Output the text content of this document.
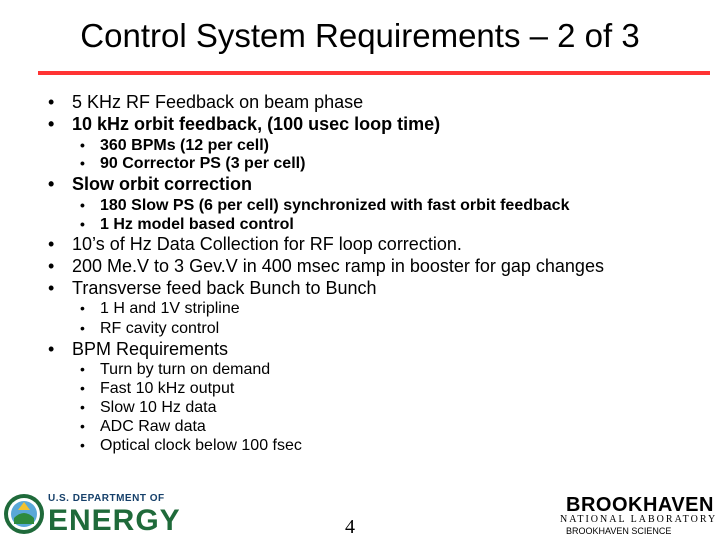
Control System Requirements – 2 of 3
• 5 KHz RF Feedback on beam phase
• 10 kHz orbit feedback, (100 usec loop time)
• 360 BPMs (12 per cell)
• 90 Corrector PS (3 per cell)
• Slow orbit correction
• 180 Slow PS (6 per cell) synchronized with fast orbit feedback
• 1 Hz model based control
• 10’s of Hz Data Collection for RF loop correction.
• 200 Me.V to 3 Gev.V in 400 msec ramp in booster for gap changes
• Transverse feed back Bunch to Bunch
• 1 H and 1V stripline
• RF cavity control
• BPM Requirements
• Turn by turn on demand
• Fast 10 kHz output
• Slow 10 Hz data
• ADC Raw data
• Optical clock below 100 fsec
U.S. DEPARTMENT OF
ENERGY	4
BROOKHAVEN
NATIONAL LABORATORY
BROOKHAVEN SCIENCE
